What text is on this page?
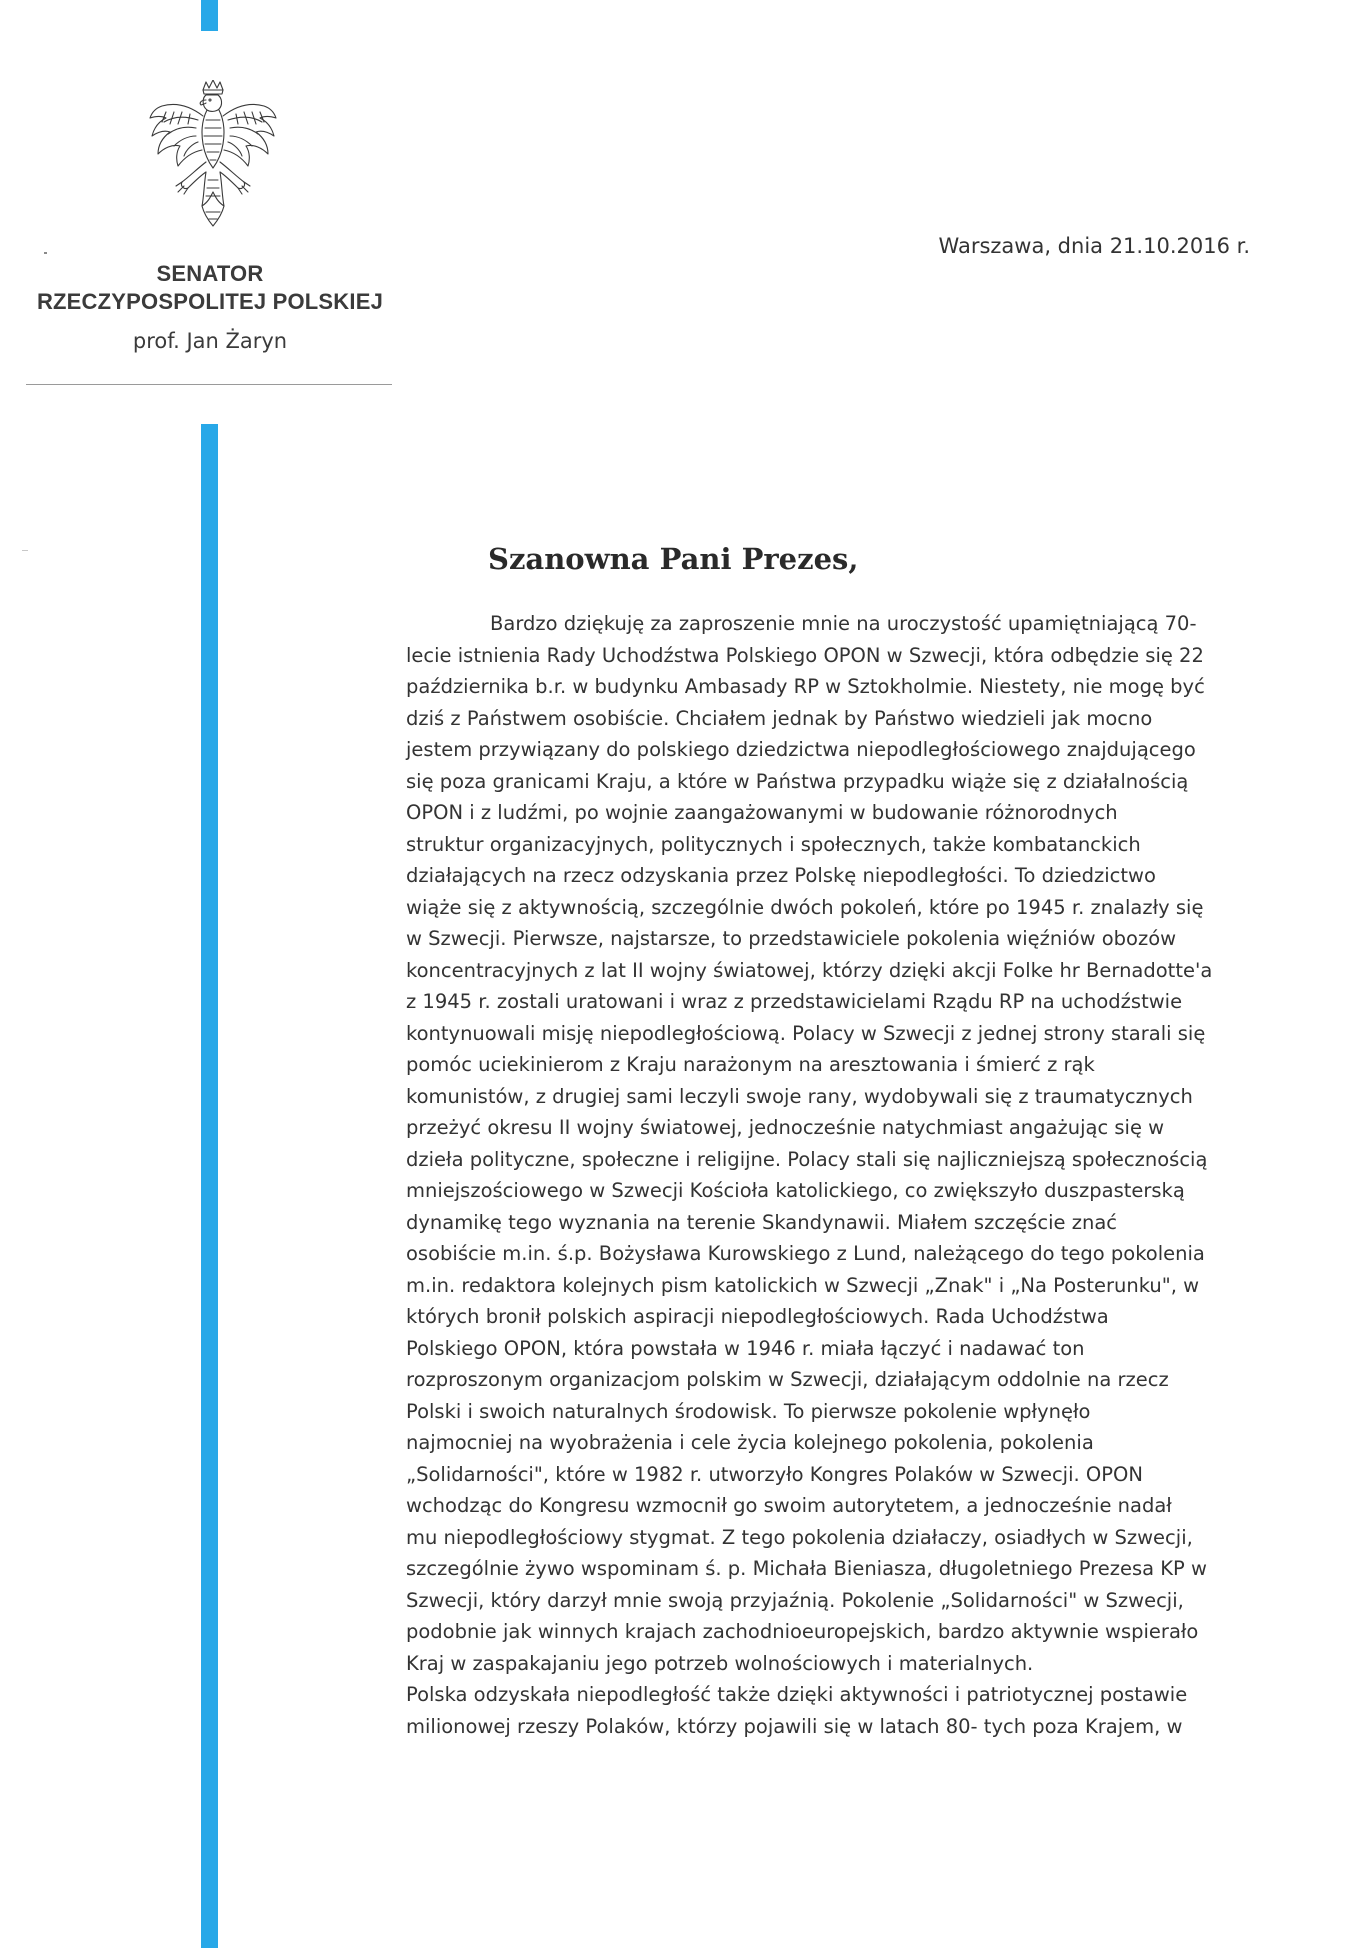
SENATOR

RZECZYPOSPOLITEJ POLSKIEJ

prof. Jan Żaryn
Warszawa, dnia 21.10.2016 r.
Szanowna Pani Prezes,
Bardzo dziękuję za zaproszenie mnie na uroczystość upamiętniającą 70-
lecie istnienia Rady Uchodźstwa Polskiego OPON w Szwecji, która odbędzie się 22
października b.r. w budynku Ambasady RP w Sztokholmie. Niestety, nie mogę być
dziś z Państwem osobiście. Chciałem jednak by Państwo wiedzieli jak mocno
jestem przywiązany do polskiego dziedzictwa niepodległościowego znajdującego
się poza granicami Kraju, a które w Państwa przypadku wiąże się z działalnością
OPON i z ludźmi, po wojnie zaangażowanymi w budowanie różnorodnych
struktur organizacyjnych, politycznych i społecznych, także kombatanckich
działających na rzecz odzyskania przez Polskę niepodległości. To dziedzictwo
wiąże się z aktywnością, szczególnie dwóch pokoleń, które po 1945 r. znalazły się
w Szwecji. Pierwsze, najstarsze, to przedstawiciele pokolenia więźniów obozów
koncentracyjnych z lat II wojny światowej, którzy dzięki akcji Folke hr Bernadotte'a
z 1945 r. zostali uratowani i wraz z przedstawicielami Rządu RP na uchodźstwie
kontynuowali misję niepodległościową. Polacy w Szwecji z jednej strony starali się
pomóc uciekinierom z Kraju narażonym na aresztowania i śmierć z rąk
komunistów, z drugiej sami leczyli swoje rany, wydobywali się z traumatycznych
przeżyć okresu II wojny światowej, jednocześnie natychmiast angażując się w
dzieła polityczne, społeczne i religijne. Polacy stali się najliczniejszą społecznością
mniejszościowego w Szwecji Kościoła katolickiego, co zwiększyło duszpasterską
dynamikę tego wyznania na terenie Skandynawii. Miałem szczęście znać
osobiście m.in. ś.p. Bożysława Kurowskiego z Lund, należącego do tego pokolenia
m.in. redaktora kolejnych pism katolickich w Szwecji „Znak" i „Na Posterunku", w
których bronił polskich aspiracji niepodległościowych. Rada Uchodźstwa
Polskiego OPON, która powstała w 1946 r. miała łączyć i nadawać ton
rozproszonym organizacjom polskim w Szwecji, działającym oddolnie na rzecz
Polski i swoich naturalnych środowisk. To pierwsze pokolenie wpłynęło
najmocniej na wyobrażenia i cele życia kolejnego pokolenia, pokolenia
„Solidarności", które w 1982 r. utworzyło Kongres Polaków w Szwecji. OPON
wchodząc do Kongresu wzmocnił go swoim autorytetem, a jednocześnie nadał
mu niepodległościowy stygmat. Z tego pokolenia działaczy, osiadłych w Szwecji,
szczególnie żywo wspominam ś. p. Michała Bieniasza, długoletniego Prezesa KP w
Szwecji, który darzył mnie swoją przyjaźnią. Pokolenie „Solidarności" w Szwecji,
podobnie jak winnych krajach zachodnioeuropejskich, bardzo aktywnie wspierało
Kraj w zaspakajaniu jego potrzeb wolnościowych i materialnych.
Polska odzyskała niepodległość także dzięki aktywności i patriotycznej postawie
milionowej rzeszy Polaków, którzy pojawili się w latach 80- tych poza Krajem, w
